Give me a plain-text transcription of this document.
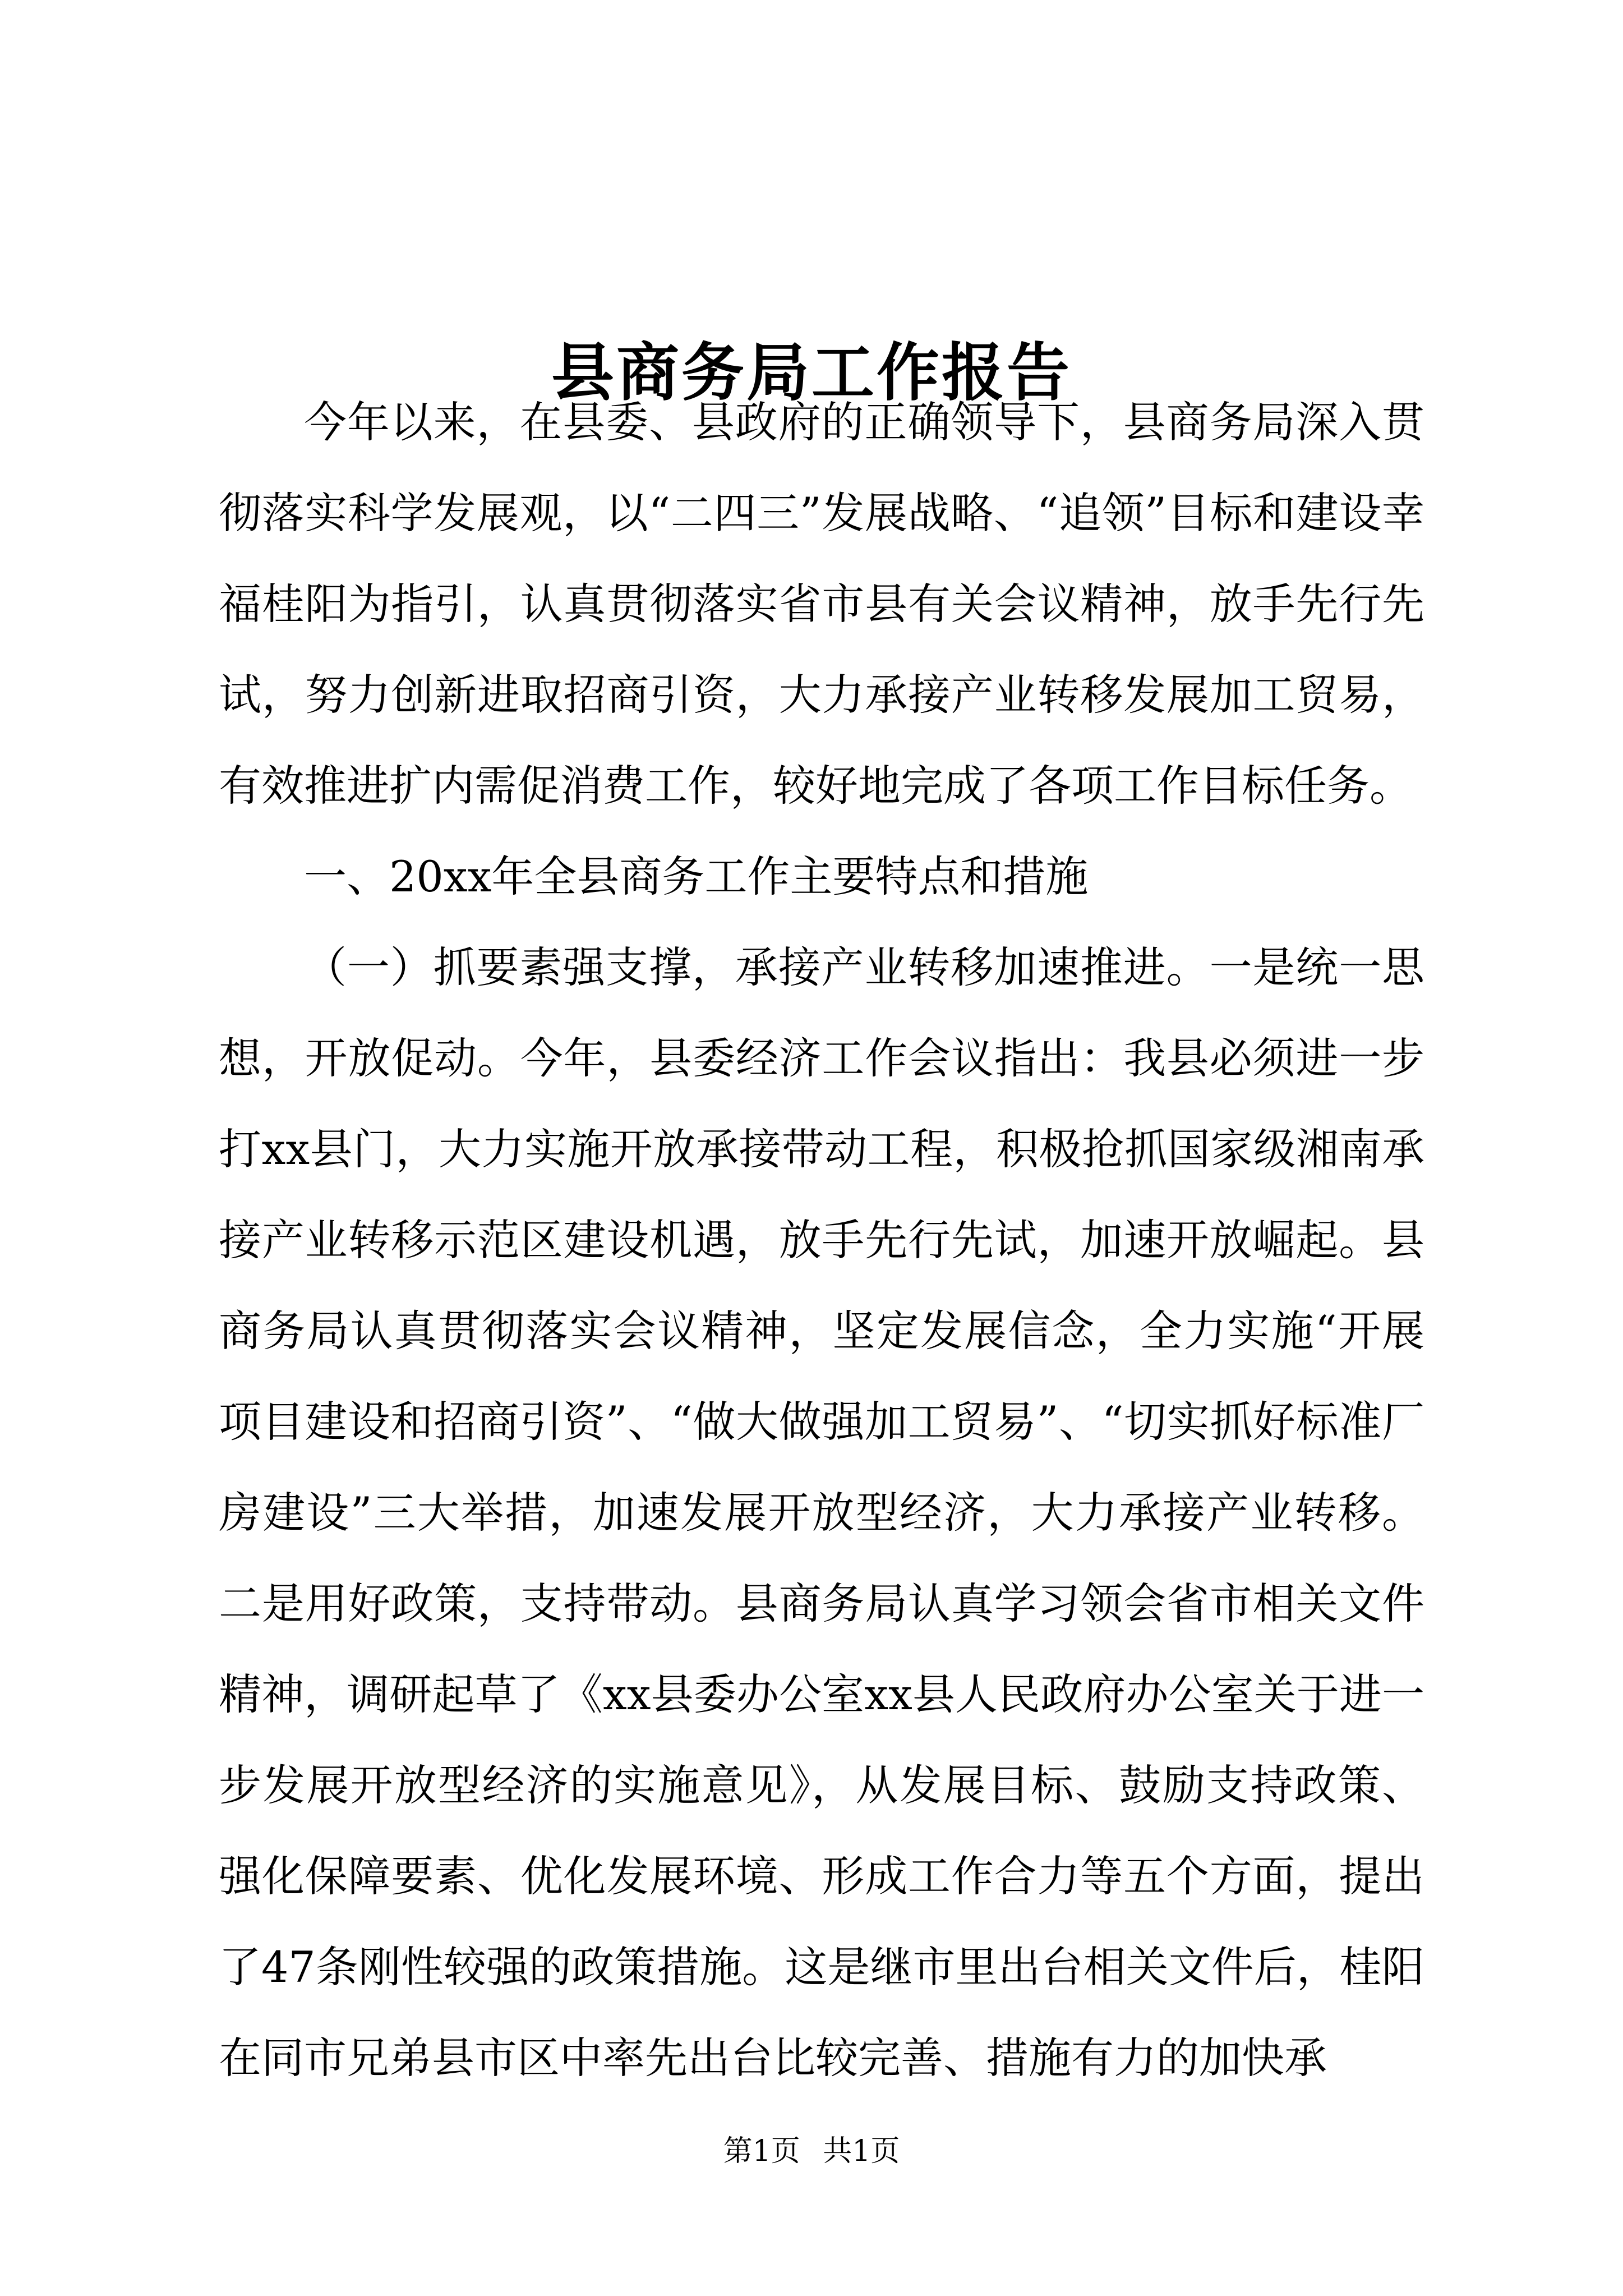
县商务局工作报告

今年以来，在县委、县政府的正确领导下，县商务局深入贯彻落实科学发展观，以“二四三”发展战略、“追领”目标和建设幸福桂阳为指引，认真贯彻落实省市县有关会议精神，放手先行先试，努力创新进取招商引资，大力承接产业转移发展加工贸易，有效推进扩内需促消费工作，较好地完成了各项工作目标任务。

一、20xx年全县商务工作主要特点和措施

（一）抓要素强支撑，承接产业转移加速推进。一是统一思想，开放促动。今年，县委经济工作会议指出：我县必须进一步打xx县门，大力实施开放承接带动工程，积极抢抓国家级湘南承接产业转移示范区建设机遇，放手先行先试，加速开放崛起。县商务局认真贯彻落实会议精神，坚定发展信念，全力实施“开展项目建设和招商引资”、“做大做强加工贸易”、“切实抓好标准厂房建设”三大举措，加速发展开放型经济，大力承接产业转移。二是用好政策，支持带动。县商务局认真学习领会省市相关文件精神，调研起草了《xx县委办公室xx县人民政府办公室关于进一步发展开放型经济的实施意见》，从发展目标、鼓励支持政策、强化保障要素、优化发展环境、形成工作合力等五个方面，提出了47条刚性较强的政策措施。这是继市里出台相关文件后，桂阳在同市兄弟县市区中率先出台比较完善、措施有力的加快承

第1页 共1页
